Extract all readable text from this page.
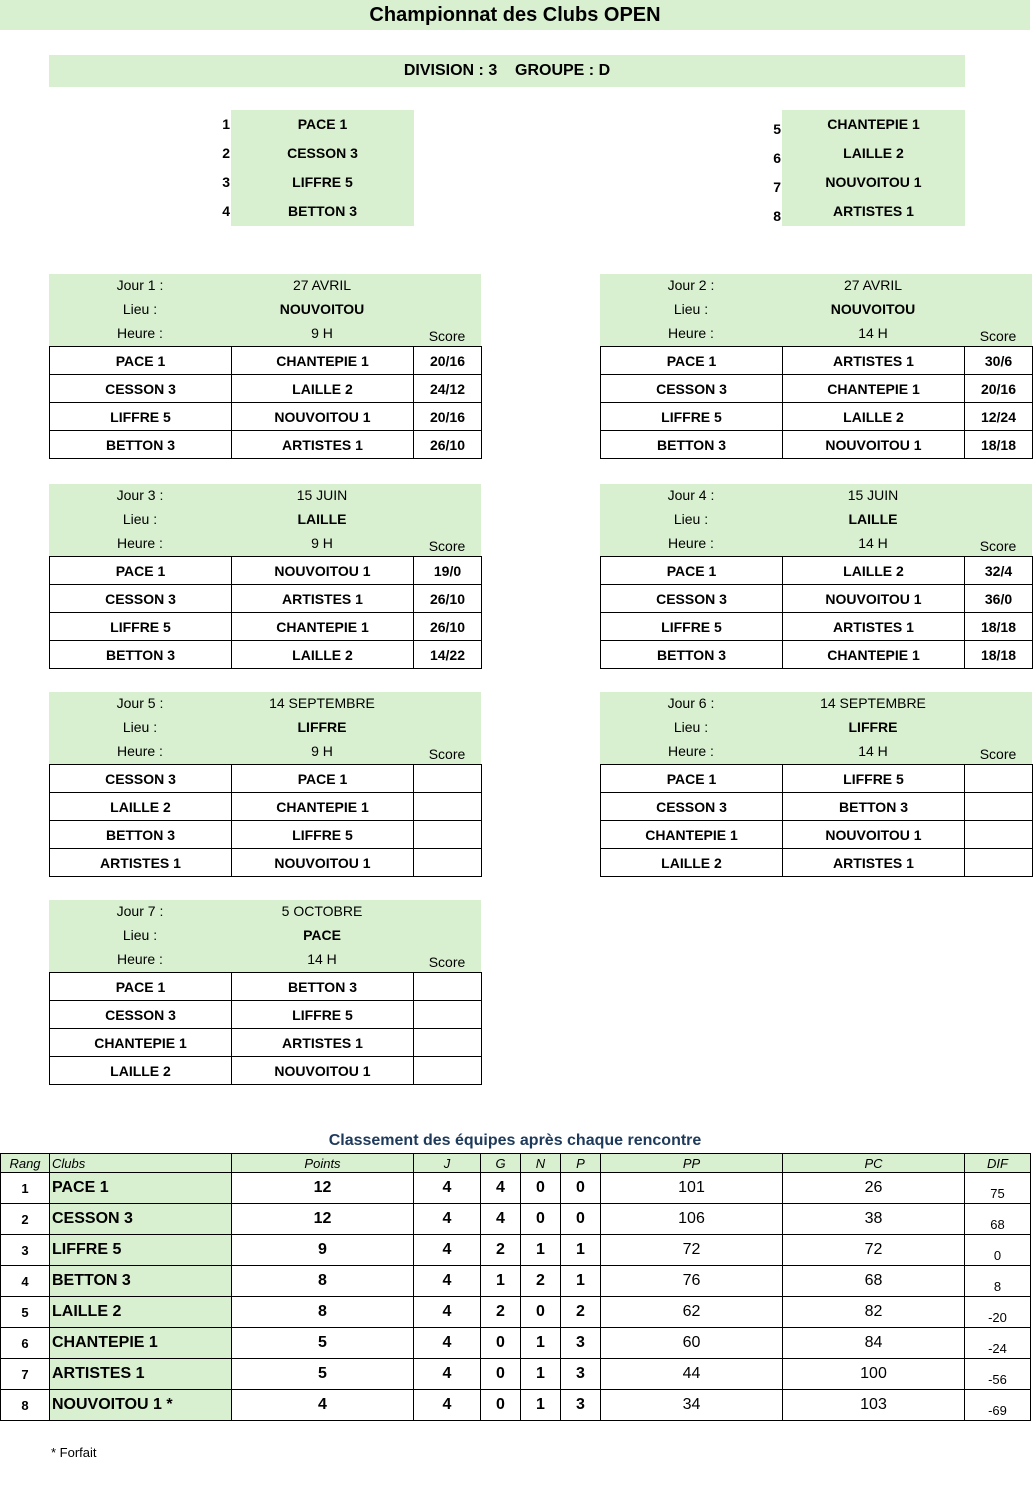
Championnat des Clubs OPEN
DIVISION : 3    GROUPE : D
1	PACE 1
2	CESSON 3
3	LIFFRE 5
4	BETTON 3
5	CHANTEPIE 1
6	LAILLE 2
7	NOUVOITOU 1
8	ARTISTES 1
Jour 1 :	27 AVRIL
Lieu :	NOUVOITOU
Heure :	9 H	Score
PACE 1	CHANTEPIE 1	20/16
CESSON 3	LAILLE 2	24/12
LIFFRE 5	NOUVOITOU 1	20/16
BETTON 3	ARTISTES 1	26/10
Jour 2 :	27 AVRIL
Lieu :	NOUVOITOU
Heure :	14 H	Score
PACE 1	ARTISTES 1	30/6
CESSON 3	CHANTEPIE 1	20/16
LIFFRE 5	LAILLE 2	12/24
BETTON 3	NOUVOITOU 1	18/18
Jour 3 :	15 JUIN
Lieu :	LAILLE
Heure :	9 H	Score
PACE 1	NOUVOITOU 1	19/0
CESSON 3	ARTISTES 1	26/10
LIFFRE 5	CHANTEPIE 1	26/10
BETTON 3	LAILLE 2	14/22
Jour 4 :	15 JUIN
Lieu :	LAILLE
Heure :	14 H	Score
PACE 1	LAILLE 2	32/4
CESSON 3	NOUVOITOU 1	36/0
LIFFRE 5	ARTISTES 1	18/18
BETTON 3	CHANTEPIE 1	18/18
Jour 5 :	14 SEPTEMBRE
Lieu :	LIFFRE
Heure :	9 H	Score
CESSON 3	PACE 1	
LAILLE 2	CHANTEPIE 1	
BETTON 3	LIFFRE 5	
ARTISTES 1	NOUVOITOU 1	
Jour 6 :	14 SEPTEMBRE
Lieu :	LIFFRE
Heure :	14 H	Score
PACE 1	LIFFRE 5	
CESSON 3	BETTON 3	
CHANTEPIE 1	NOUVOITOU 1	
LAILLE 2	ARTISTES 1	
Jour 7 :	5 OCTOBRE
Lieu :	PACE
Heure :	14 H	Score
PACE 1	BETTON 3	
CESSON 3	LIFFRE 5	
CHANTEPIE 1	ARTISTES 1	
LAILLE 2	NOUVOITOU 1	
Classement des équipes après chaque rencontre
Rang	Clubs	Points	J	G	N	P	PP	PC	DIF
1	PACE 1	12	4	4	0	0	101	26	75
2	CESSON 3	12	4	4	0	0	106	38	68
3	LIFFRE 5	9	4	2	1	1	72	72	0
4	BETTON 3	8	4	1	2	1	76	68	8
5	LAILLE 2	8	4	2	0	2	62	82	-20
6	CHANTEPIE 1	5	4	0	1	3	60	84	-24
7	ARTISTES 1	5	4	0	1	3	44	100	-56
8	NOUVOITOU 1 *	4	4	0	1	3	34	103	-69
* Forfait
